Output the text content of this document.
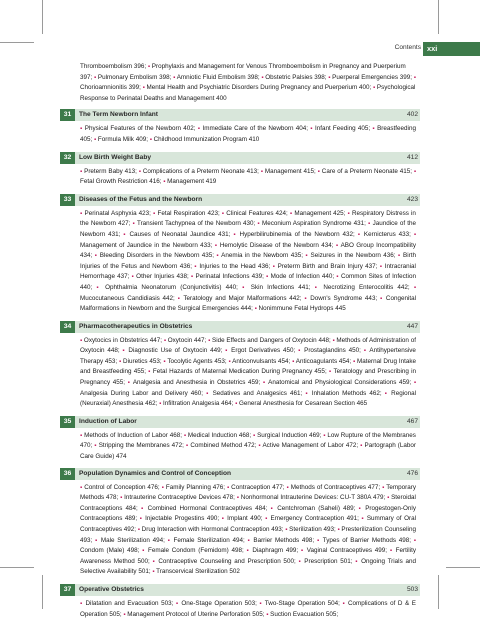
Contents xxi
Thromboembolism 396; ▪ Prophylaxis and Management for Venous Thromboembolism in Pregnancy and Puerperium 397; ▪ Pulmonary Embolism 398; ▪ Amniotic Fluid Embolism 398; ▪ Obstetric Palsies 398; ▪ Puerperal Emergencies 399; ▪ Chorioamnionitis 399; ▪ Mental Health and Psychiatric Disorders During Pregnancy and Puerperium 400; ▪ Psychological Response to Perinatal Deaths and Management 400
31	The Term Newborn Infant	402
▪ Physical Features of the Newborn 402; ▪ Immediate Care of the Newborn 404; ▪ Infant Feeding 405; ▪ Breastfeeding 405; ▪ Formula Milk 409; ▪ Childhood Immunization Program 410
32	Low Birth Weight Baby	412
▪ Preterm Baby 413; ▪ Complications of a Preterm Neonate 413; ▪ Management 415; ▪ Care of a Preterm Neonate 415; ▪ Fetal Growth Restriction 416; ▪ Management 419
33	Diseases of the Fetus and the Newborn	423
▪ Perinatal Asphyxia 423; ▪ Fetal Respiration 423; ▪ Clinical Features 424; ▪ Management 425; ▪ Respiratory Distress in the Newborn 427; ▪ Transient Tachypnea of the Newborn 430; ▪ Meconium Aspiration Syndrome 431; ▪ Jaundice of the Newborn 431; ▪ Causes of Neonatal Jaundice 431; ▪ Hyperbilirubinemia of the Newborn 432; ▪ Kernicterus 433; ▪ Management of Jaundice in the Newborn 433; ▪ Hemolytic Disease of the Newborn 434; ▪ ABO Group Incompatibility 434; ▪ Bleeding Disorders in the Newborn 435; ▪ Anemia in the Newborn 435; ▪ Seizures in the Newborn 436; ▪ Birth Injuries of the Fetus and Newborn 436; ▪ Injuries to the Head 436; ▪ Preterm Birth and Brain Injury 437; ▪ Intracranial Hemorrhage 437; ▪ Other Injuries 438; ▪ Perinatal Infections 439; ▪ Mode of Infection 440; ▪ Common Sites of Infection 440; ▪ Ophthalmia Neonatorum (Conjunctivitis) 440; ▪ Skin Infections 441; ▪ Necrotizing Enterocolitis 442; ▪ Mucocutaneous Candidiasis 442; ▪ Teratology and Major Malformations 442; ▪ Down's Syndrome 443; ▪ Congenital Malformations in Newborn and the Surgical Emergencies 444; ▪ Nonimmune Fetal Hydrops 445
34	Pharmacotherapeutics in Obstetrics	447
▪ Oxytocics in Obstetrics 447; ▪ Oxytocin 447; ▪ Side Effects and Dangers of Oxytocin 448; ▪ Methods of Administration of Oxytocin 448; ▪ Diagnostic Use of Oxytocin 449; ▪ Ergot Derivatives 450; ▪ Prostaglandins 450; ▪ Antihypertensive Therapy 453; ▪ Diuretics 453; ▪ Tocolytic Agents 453; ▪ Anticonvulsants 454; ▪ Anticoagulants 454; ▪ Maternal Drug Intake and Breastfeeding 455; ▪ Fetal Hazards of Maternal Medication During Pregnancy 455; ▪ Teratology and Prescribing in Pregnancy 455; ▪ Analgesia and Anesthesia in Obstetrics 459; ▪ Anatomical and Physiological Considerations 459; ▪ Analgesia During Labor and Delivery 460; ▪ Sedatives and Analgesics 461; ▪ Inhalation Methods 462; ▪ Regional (Neuraxial) Anesthesia 462; ▪ Infiltration Analgesia 464; ▪ General Anesthesia for Cesarean Section 465
35	Induction of Labor	467
▪ Methods of Induction of Labor 468; ▪ Medical Induction 468; ▪ Surgical Induction 469; ▪ Low Rupture of the Membranes 470; ▪ Stripping the Membranes 472; ▪ Combined Method 472; ▪ Active Management of Labor 472; ▪ Partograph (Labor Care Guide) 474
36	Population Dynamics and Control of Conception	476
▪ Control of Conception 476; ▪ Family Planning 476; ▪ Contraception 477; ▪ Methods of Contraceptives 477; ▪ Temporary Methods 478; ▪ Intrauterine Contraceptive Devices 478; ▪ Nonhormonal Intrauterine Devices: CU-T 380A 479; ▪ Steroidal Contraceptions 484; ▪ Combined Hormonal Contraceptives 484; ▪ Centchroman (Saheli) 489; ▪ Progestogen-Only Contraceptions 489; ▪ Injectable Progestins 490; ▪ Implant 490; ▪ Emergency Contraception 491; ▪ Summary of Oral Contraceptives 492; ▪ Drug Interaction with Hormonal Contraception 493; ▪ Sterilization 493; ▪ Presterilization Counseling 493; ▪ Male Sterilization 494; ▪ Female Sterilization 494; ▪ Barrier Methods 498; ▪ Types of Barrier Methods 498; ▪ Condom (Male) 498; ▪ Female Condom (Femidom) 498; ▪ Diaphragm 499; ▪ Vaginal Contraceptives 499; ▪ Fertility Awareness Method 500; ▪ Contraceptive Counseling and Prescription 500; ▪ Prescription 501; ▪ Ongoing Trials and Selective Availability 501; ▪ Transcervical Sterilization 502
37	Operative Obstetrics	503
▪ Dilatation and Evacuation 503; ▪ One-Stage Operation 503; ▪ Two-Stage Operation 504; ▪ Complications of D & E Operation 505; ▪ Management Protocol of Uterine Perforation 505; ▪ Suction Evacuation 505;
